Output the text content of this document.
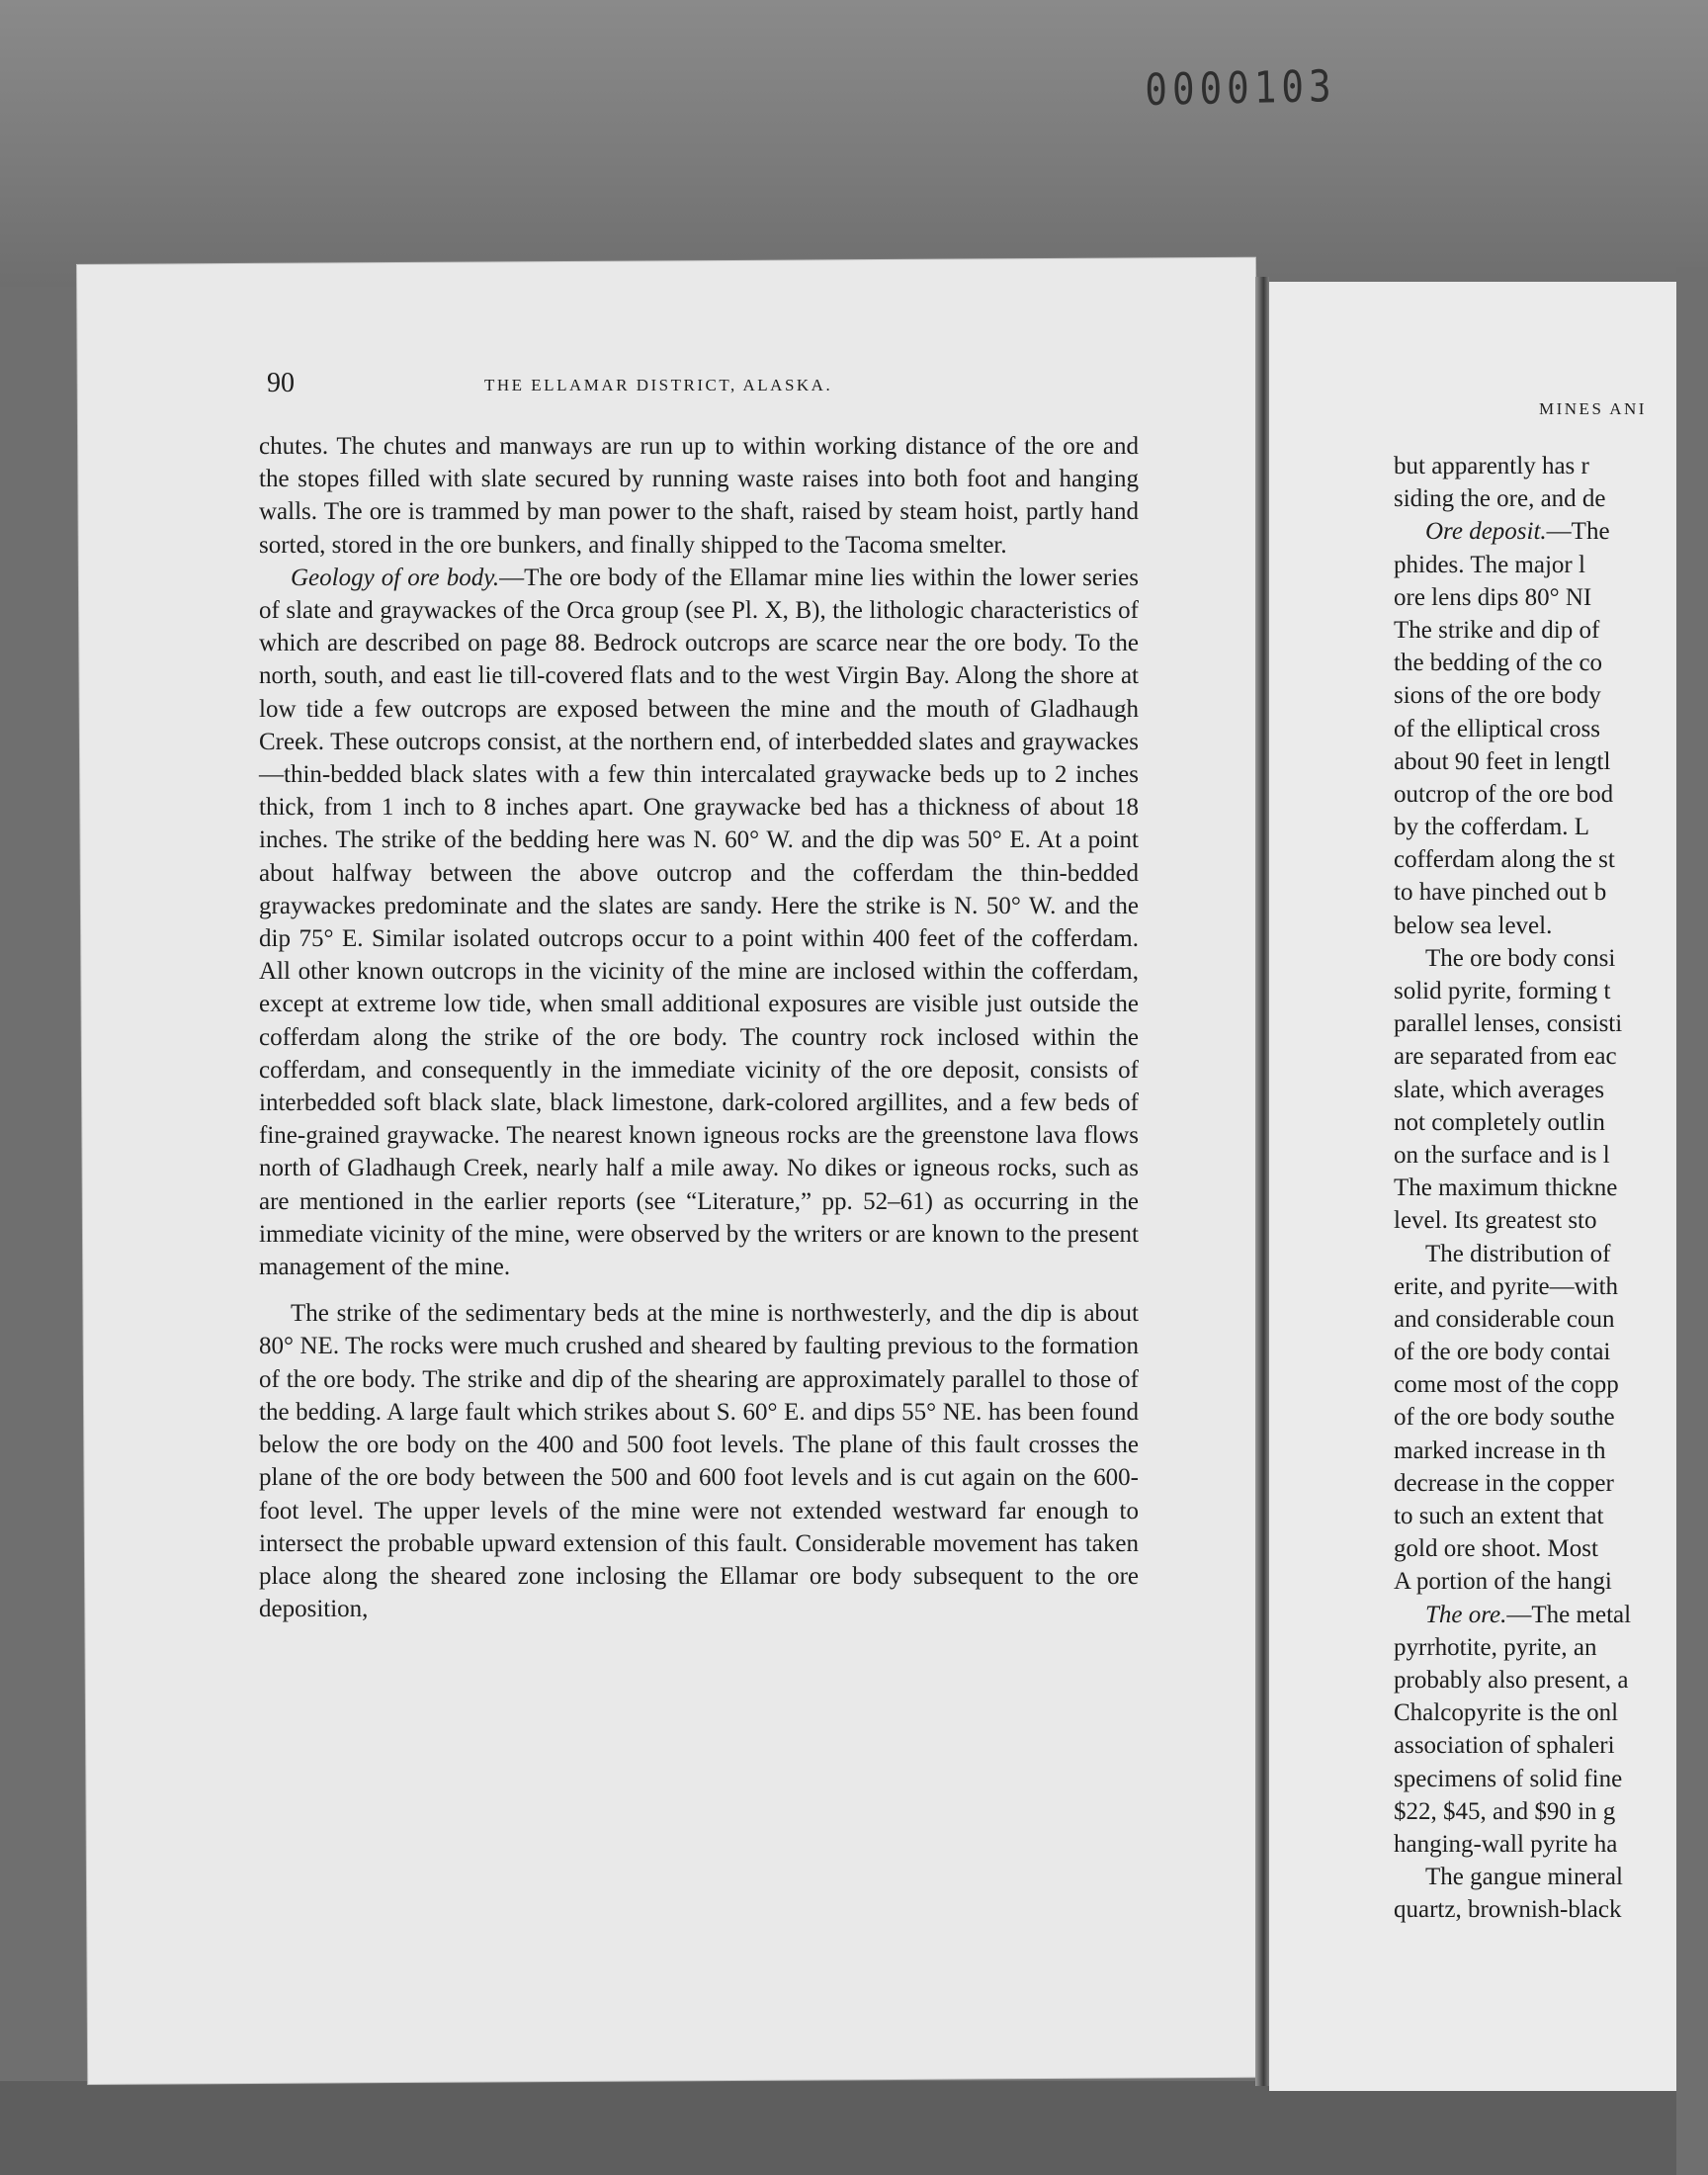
0000103
90	THE ELLAMAR DISTRICT, ALASKA.

chutes. The chutes and manways are run up to within working distance of the ore and the stopes filled with slate secured by running waste raises into both foot and hanging walls. The ore is trammed by man power to the shaft, raised by steam hoist, partly hand sorted, stored in the ore bunkers, and finally shipped to the Tacoma smelter.

Geology of ore body.—The ore body of the Ellamar mine lies within the lower series of slate and graywackes of the Orca group (see Pl. X, B), the lithologic characteristics of which are described on page 88. Bedrock outcrops are scarce near the ore body. To the north, south, and east lie till-covered flats and to the west Virgin Bay. Along the shore at low tide a few outcrops are exposed between the mine and the mouth of Gladhaugh Creek. These outcrops consist, at the northern end, of interbedded slates and graywackes—thin-bedded black slates with a few thin intercalated graywacke beds up to 2 inches thick, from 1 inch to 8 inches apart. One graywacke bed has a thickness of about 18 inches. The strike of the bedding here was N. 60° W. and the dip was 50° E. At a point about halfway between the above outcrop and the cofferdam the thin-bedded graywackes predominate and the slates are sandy. Here the strike is N. 50° W. and the dip 75° E. Similar isolated outcrops occur to a point within 400 feet of the cofferdam. All other known outcrops in the vicinity of the mine are inclosed within the cofferdam, except at extreme low tide, when small additional exposures are visible just outside the cofferdam along the strike of the ore body. The country rock inclosed within the cofferdam, and consequently in the immediate vicinity of the ore deposit, consists of interbedded soft black slate, black limestone, dark-colored argillites, and a few beds of fine-grained graywacke. The nearest known igneous rocks are the greenstone lava flows north of Gladhaugh Creek, nearly half a mile away. No dikes or igneous rocks, such as are mentioned in the earlier reports (see “Literature,” pp. 52–61) as occurring in the immediate vicinity of the mine, were observed by the writers or are known to the present management of the mine.

The strike of the sedimentary beds at the mine is northwesterly, and the dip is about 80° NE. The rocks were much crushed and sheared by faulting previous to the formation of the ore body. The strike and dip of the shearing are approximately parallel to those of the bedding. A large fault which strikes about S. 60° E. and dips 55° NE. has been found below the ore body on the 400 and 500 foot levels. The plane of this fault crosses the plane of the ore body between the 500 and 600 foot levels and is cut again on the 600-foot level. The upper levels of the mine were not extended westward far enough to intersect the probable upward extension of this fault. Considerable movement has taken place along the sheared zone inclosing the Ellamar ore body subsequent to the ore deposition,

MINES ANI
but apparently has r
siding the ore, and de
Ore deposit.—The
phides. The major l
ore lens dips 80° NI
The strike and dip of
the bedding of the co
sions of the ore body
of the elliptical cross
about 90 feet in lengtl
outcrop of the ore bod
by the cofferdam. L
cofferdam along the st
to have pinched out b
below sea level.
The ore body consi
solid pyrite, forming t
parallel lenses, consisti
are separated from eac
slate, which averages
not completely outlin
on the surface and is l
The maximum thickne
level. Its greatest sto
The distribution of
erite, and pyrite—with
and considerable coun
of the ore body contai
come most of the copp
of the ore body southe
marked increase in th
decrease in the copper
to such an extent that
gold ore shoot. Most
A portion of the hangi
The ore.—The metal
pyrrhotite, pyrite, an
probably also present, a
Chalcopyrite is the onl
association of sphaleri
specimens of solid fine
$22, $45, and $90 in g
hanging-wall pyrite ha
The gangue mineral
quartz, brownish-black
